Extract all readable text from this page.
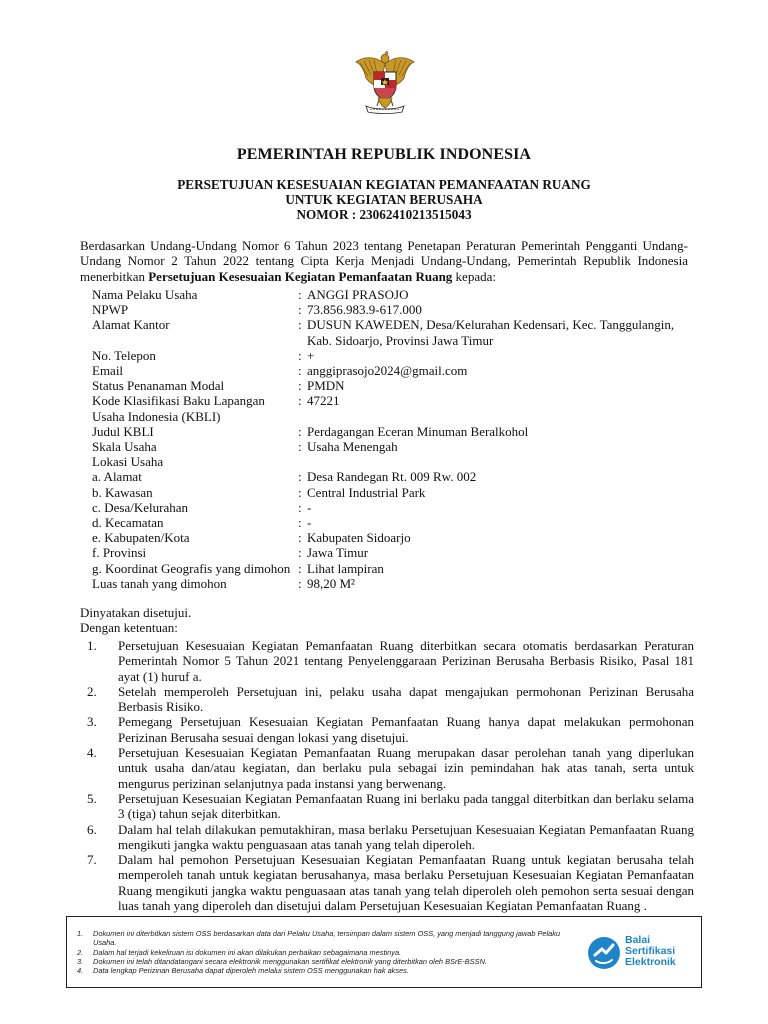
PEMERINTAH REPUBLIK INDONESIA
PERSETUJUAN KESESUAIAN KEGIATAN PEMANFAATAN RUANG
UNTUK KEGIATAN BERUSAHA
NOMOR : 23062410213515043
Berdasarkan Undang-Undang Nomor 6 Tahun 2023 tentang Penetapan Peraturan Pemerintah Pengganti Undang-Undang Nomor 2 Tahun 2022 tentang Cipta Kerja Menjadi Undang-Undang, Pemerintah Republik Indonesia menerbitkan Persetujuan Kesesuaian Kegiatan Pemanfaatan Ruang kepada:
Nama Pelaku Usaha	: ANGGI PRASOJO
NPWP	: 73.856.983.9-617.000
Alamat Kantor	: DUSUN KAWEDEN, Desa/Kelurahan Kedensari, Kec. Tanggulangin, Kab. Sidoarjo, Provinsi Jawa Timur
No. Telepon	: +
Email	: anggiprasojo2024@gmail.com
Status Penanaman Modal	: PMDN
Kode Klasifikasi Baku Lapangan Usaha Indonesia (KBLI)
: 47221
Judul KBLI	: Perdagangan Eceran Minuman Beralkohol
Skala Usaha	: Usaha Menengah
Lokasi Usaha
a. Alamat	: Desa Randegan Rt. 009 Rw. 002
b. Kawasan	: Central Industrial Park
c. Desa/Kelurahan	: -
d. Kecamatan	: -
e. Kabupaten/Kota	: Kabupaten Sidoarjo
f. Provinsi	: Jawa Timur
g. Koordinat Geografis yang dimohon : Lihat lampiran
Luas tanah yang dimohon	: 98,20 M²
Dinyatakan disetujui.
Dengan ketentuan:
1.	Persetujuan Kesesuaian Kegiatan Pemanfaatan Ruang diterbitkan secara otomatis berdasarkan Peraturan Pemerintah Nomor 5 Tahun 2021 tentang Penyelenggaraan Perizinan Berusaha Berbasis Risiko, Pasal 181 ayat (1) huruf a.
2.	Setelah memperoleh Persetujuan ini, pelaku usaha dapat mengajukan permohonan Perizinan Berusaha Berbasis Risiko.
3.	Pemegang Persetujuan Kesesuaian Kegiatan Pemanfaatan Ruang hanya dapat melakukan permohonan Perizinan Berusaha sesuai dengan lokasi yang disetujui.
4.	Persetujuan Kesesuaian Kegiatan Pemanfaatan Ruang merupakan dasar perolehan tanah yang diperlukan untuk usaha dan/atau kegiatan, dan berlaku pula sebagai izin pemindahan hak atas tanah, serta untuk mengurus perizinan selanjutnya pada instansi yang berwenang.
5.	Persetujuan Kesesuaian Kegiatan Pemanfaatan Ruang ini berlaku pada tanggal diterbitkan dan berlaku selama 3 (tiga) tahun sejak diterbitkan.
6.	Dalam hal telah dilakukan pemutakhiran, masa berlaku Persetujuan Kesesuaian Kegiatan Pemanfaatan Ruang mengikuti jangka waktu penguasaan atas tanah yang telah diperoleh.
7.	Dalam hal pemohon Persetujuan Kesesuaian Kegiatan Pemanfaatan Ruang untuk kegiatan berusaha telah memperoleh tanah untuk kegiatan berusahanya, masa berlaku Persetujuan Kesesuaian Kegiatan Pemanfaatan Ruang mengikuti jangka waktu penguasaan atas tanah yang telah diperoleh oleh pemohon serta sesuai dengan luas tanah yang diperoleh dan disetujui dalam Persetujuan Kesesuaian Kegiatan Pemanfaatan Ruang .
1.	Dokumen ini diterbitkan sistem OSS berdasarkan data dari Pelaku Usaha, tersimpan dalam sistem OSS, yang menjadi tanggung jawab Pelaku Usaha.
2.	Dalam hal terjadi kekeliruan isi dokumen ini akan dilakukan perbaikan sebagaimana mestinya.
3.	Dokumen ini telah ditandatangani secara elektronik menggunakan sertifikat elektronik yang diterbitkan oleh BSrE-BSSN.
4.	Data lengkap Perizinan Berusaha dapat diperoleh melalui sistem OSS menggunakan hak akses.
Balai
Sertifikasi
Elektronik
